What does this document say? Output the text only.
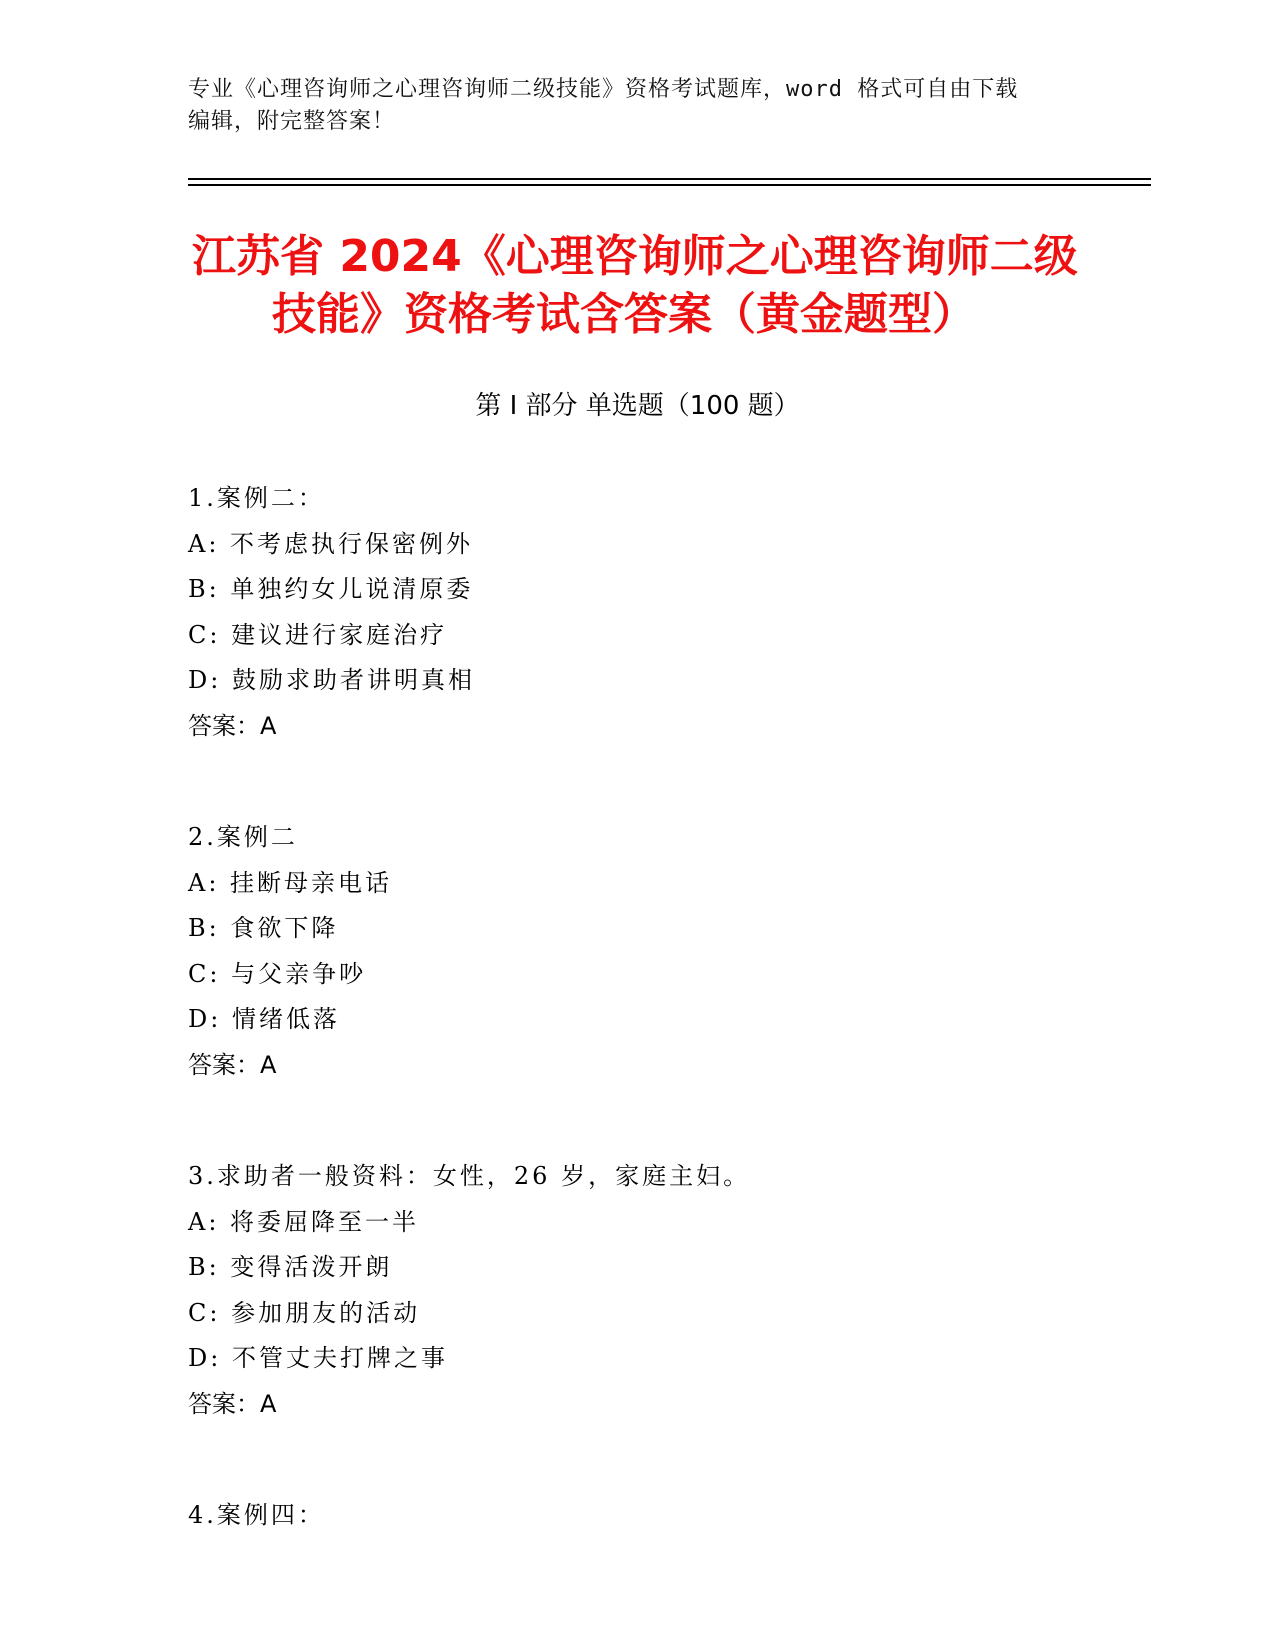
专业《心理咨询师之心理咨询师二级技能》资格考试题库，word 格式可自由下载
编辑，附完整答案！
江苏省 2024《心理咨询师之心理咨询师二级
技能》资格考试含答案（黄金题型）
第 I 部分 单选题（100 题）
1.案例二：
A: 不考虑执行保密例外
B: 单独约女儿说清原委
C: 建议进行家庭治疗
D: 鼓励求助者讲明真相
答案：A
2.案例二
A: 挂断母亲电话
B: 食欲下降
C: 与父亲争吵
D: 情绪低落
答案：A
3.求助者一般资料：女性，26 岁，家庭主妇。
A: 将委屈降至一半
B: 变得活泼开朗
C: 参加朋友的活动
D: 不管丈夫打牌之事
答案：A
4.案例四：
